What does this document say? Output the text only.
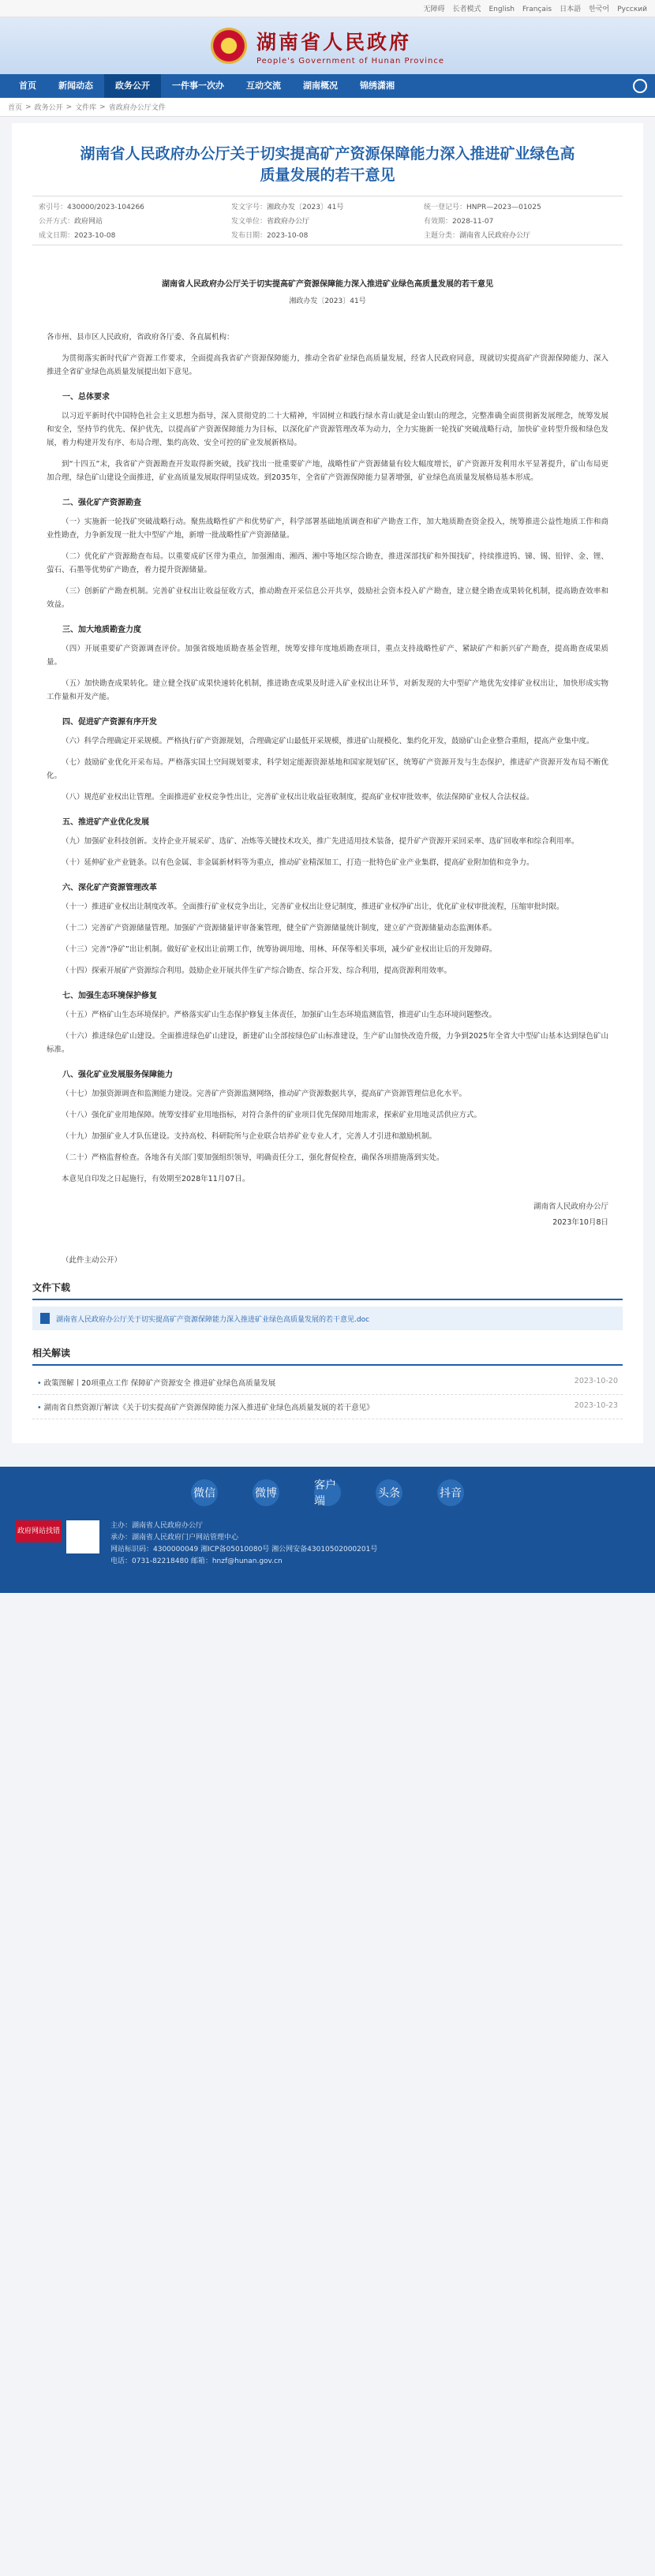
无障碍 长者模式 English Français 日本語 한국어 Русский
湖南省人民政府
People's Government of Hunan Province
首页	新闻动态	政务公开	一件事一次办	互动交流	湖南概况	锦绣潇湘
首页 > 政务公开 > 文件库 > 省政府办公厅文件
湖南省人民政府办公厅关于切实提高矿产资源保障能力深入推进矿业绿色高质量发展的若干意见
索引号：430000/2023-104266	发文字号：湘政办发〔2023〕41号	统一登记号：HNPR—2023—01025
公开方式：政府网站	发文单位：省政府办公厅	有效期：2028-11-07
成文日期：2023-10-08	发布日期：2023-10-08	主题分类：湖南省人民政府办公厅
湖南省人民政府办公厅关于切实提高矿产资源保障能力深入推进矿业绿色高质量发展的若干意见
湘政办发〔2023〕41号

各市州、县市区人民政府，省政府各厅委、各直属机构：

为贯彻落实新时代矿产资源工作要求，全面提高我省矿产资源保障能力，推动全省矿业绿色高质量发展，经省人民政府同意，现就切实提高矿产资源保障能力、深入推进全省矿业绿色高质量发展提出如下意见。

一、总体要求

以习近平新时代中国特色社会主义思想为指导，深入贯彻党的二十大精神，牢固树立和践行绿水青山就是金山银山的理念，完整准确全面贯彻新发展理念，统筹发展和安全，坚持节约优先、保护优先，以提高矿产资源保障能力为目标，以深化矿产资源管理改革为动力，全力实施新一轮找矿突破战略行动，加快矿业转型升级和绿色发展，着力构建开发有序、布局合理、集约高效、安全可控的矿业发展新格局。

到“十四五”末，我省矿产资源勘查开发取得新突破，找矿找出一批重要矿产地，战略性矿产资源储量有较大幅度增长，矿产资源开发利用水平显著提升，矿山布局更加合理，绿色矿山建设全面推进，矿业高质量发展取得明显成效。到2035年，全省矿产资源保障能力显著增强，矿业绿色高质量发展格局基本形成。

二、强化矿产资源勘查

（一）实施新一轮找矿突破战略行动。聚焦战略性矿产和优势矿产，科学部署基础地质调查和矿产勘查工作，加大地质勘查资金投入，统筹推进公益性地质工作和商业性勘查，力争新发现一批大中型矿产地，新增一批战略性矿产资源储量。

（二）优化矿产资源勘查布局。以重要成矿区带为重点，加强湘南、湘西、湘中等地区综合勘查，推进深部找矿和外围找矿，持续推进钨、锑、锡、铅锌、金、锂、萤石、石墨等优势矿产勘查，着力提升资源储量。

（三）创新矿产勘查机制。完善矿业权出让收益征收方式，推动勘查开采信息公开共享，鼓励社会资本投入矿产勘查，建立健全勘查成果转化机制，提高勘查效率和效益。

三、加大地质勘查力度

（四）开展重要矿产资源调查评价。加强省级地质勘查基金管理，统筹安排年度地质勘查项目，重点支持战略性矿产、紧缺矿产和新兴矿产勘查，提高勘查成果质量。

（五）加快勘查成果转化。建立健全找矿成果快速转化机制，推进勘查成果及时进入矿业权出让环节，对新发现的大中型矿产地优先安排矿业权出让，加快形成实物工作量和开发产能。

四、促进矿产资源有序开发

（六）科学合理确定开采规模。严格执行矿产资源规划，合理确定矿山最低开采规模，推进矿山规模化、集约化开发，鼓励矿山企业整合重组，提高产业集中度。

（七）鼓励矿业优化开采布局。严格落实国土空间规划要求，科学划定能源资源基地和国家规划矿区，统筹矿产资源开发与生态保护，推进矿产资源开发布局不断优化。

（八）规范矿业权出让管理。全面推进矿业权竞争性出让，完善矿业权出让收益征收制度，提高矿业权审批效率，依法保障矿业权人合法权益。

五、推进矿产业优化发展

（九）加强矿业科技创新。支持企业开展采矿、选矿、冶炼等关键技术攻关，推广先进适用技术装备，提升矿产资源开采回采率、选矿回收率和综合利用率。

（十）延伸矿业产业链条。以有色金属、非金属新材料等为重点，推动矿业精深加工，打造一批特色矿业产业集群，提高矿业附加值和竞争力。

六、深化矿产资源管理改革

（十一）推进矿业权出让制度改革。全面推行矿业权竞争出让，完善矿业权出让登记制度，推进矿业权净矿出让，优化矿业权审批流程，压缩审批时限。

（十二）完善矿产资源储量管理。加强矿产资源储量评审备案管理，健全矿产资源储量统计制度，建立矿产资源储量动态监测体系。

（十三）完善“净矿”出让机制。做好矿业权出让前期工作，统筹协调用地、用林、环保等相关事项，减少矿业权出让后的开发障碍。

（十四）探索开展矿产资源综合利用。鼓励企业开展共伴生矿产综合勘查、综合开发、综合利用，提高资源利用效率。

七、加强生态环境保护修复

（十五）严格矿山生态环境保护。严格落实矿山生态保护修复主体责任，加强矿山生态环境监测监管，推进矿山生态环境问题整改。

（十六）推进绿色矿山建设。全面推进绿色矿山建设，新建矿山全部按绿色矿山标准建设，生产矿山加快改造升级，力争到2025年全省大中型矿山基本达到绿色矿山标准。

八、强化矿业发展服务保障能力

（十七）加强资源调查和监测能力建设。完善矿产资源监测网络，推动矿产资源数据共享，提高矿产资源管理信息化水平。

（十八）强化矿业用地保障。统筹安排矿业用地指标，对符合条件的矿业项目优先保障用地需求，探索矿业用地灵活供应方式。

（十九）加强矿业人才队伍建设。支持高校、科研院所与企业联合培养矿业专业人才，完善人才引进和激励机制。

（二十）严格监督检查。各地各有关部门要加强组织领导，明确责任分工，强化督促检查，确保各项措施落到实处。

本意见自印发之日起施行，有效期至2028年11月07日。

湖南省人民政府办公厅
2023年10月8日
（此件主动公开）
文件下载
湖南省人民政府办公厅关于切实提高矿产资源保障能力深入推进矿业绿色高质量发展的若干意见.doc
相关解读
• 政策图解丨20项重点工作 保障矿产资源安全 推进矿业绿色高质量发展	2023-10-20
• 湖南省自然资源厅解读《关于切实提高矿产资源保障能力深入推进矿业绿色高质量发展的若干意见》	2023-10-23
微信	微博
客户端
头条	抖音
政府网站找错
主办：湖南省人民政府办公厅
承办：湖南省人民政府门户网站管理中心
网站标识码：4300000049 湘ICP备05010080号 湘公网安备43010502000201号
电话：0731-82218480 邮箱：hnzf@hunan.gov.cn
